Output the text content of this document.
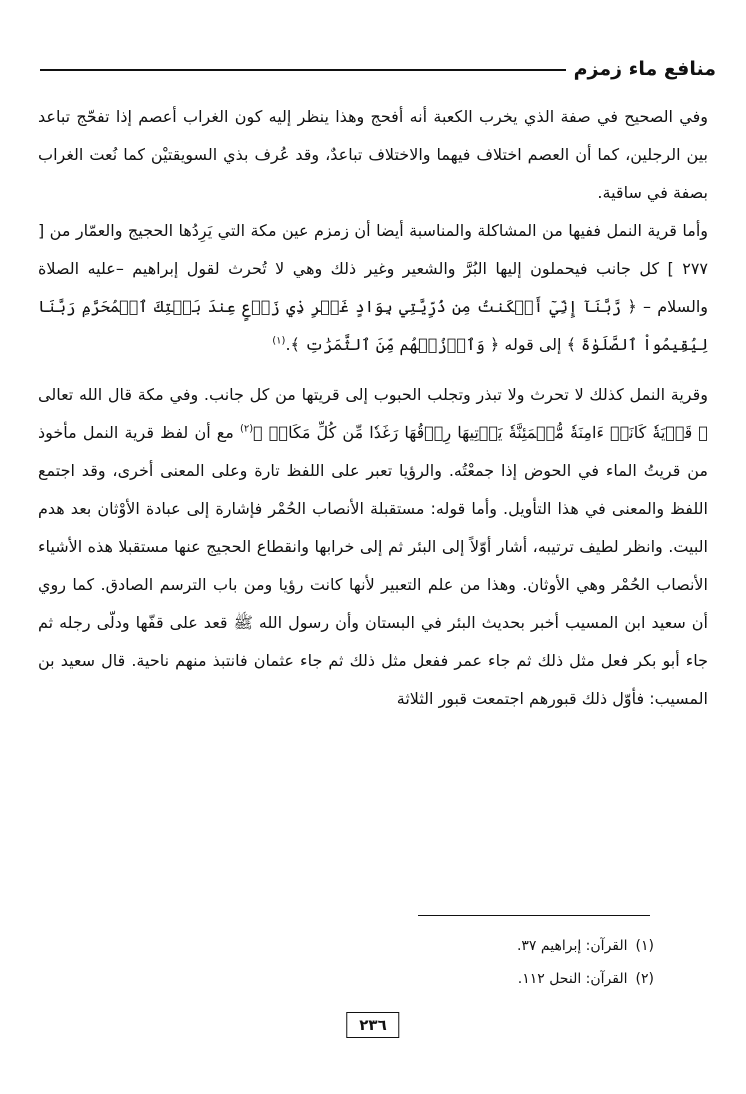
منافع ماء زمزم

وفي الصحيح في صفة الذي يخرب الكعبة أنه أفحج وهذا ينظر إليه كون الغراب أعصم إذا تفحّج تباعد بين الرجلين، كما أن العصم اختلاف فيهما والاختلاف تباعدٌ، وقد عُرف بذي السويقتيْن كما نُعت الغراب بصفة في ساقية.

وأما قرية النمل ففيها من المشاكلة والمناسبة أيضا أن زمزم عين مكة التي يَرِدُها الحجيج والعمّار من [ ٢٧٧ ] كل جانب فيحملون إليها البُرَّ والشعير وغير ذلك وهي لا تُحرث لقول إبراهيم –عليه الصلاة والسلام – ﴿ رَّبَّنَآ إِنِّيٓ أَسۡكَنتُ مِن ذُرِّيَّتِي بِوَادٍ غَيۡرِ ذِي زَرۡعٍ عِندَ بَيۡتِكَ ٱلۡمُحَرَّمِ رَبَّنَا لِيُقِيمُواْ ٱلصَّلَوٰةَ ﴾ إلى قوله ﴿ وَٱرۡزُقۡهُم مِّنَ ٱلثَّمَرَٰتِ ﴾.$^{(١)}$

وقرية النمل كذلك لا تحرث ولا تبذر وتجلب الحبوب إلى قريتها من كل جانب. وفي مكة قال الله تعالى ﴿ قَرۡيَةٗ كَانَتۡ ءَامِنَةٗ مُّطۡمَئِنَّةٗ يَأۡتِيهَا رِزۡقُهَا رَغَدٗا مِّن كُلِّ مَكَانٖ ﴾$^{(٢)}$ مع أن لفظ قرية النمل مأخوذ من قريتُ الماء في الحوض إذا جمعْتُه. والرؤيا تعبر على اللفظ تارة وعلى المعنى أخرى، وقد اجتمع اللفظ والمعنى في هذا التأويل. وأما قوله: مستقبلة الأنصاب الحُمْر فإشارة إلى عبادة الأوْثان بعد هدم البيت. وانظر لطيف ترتيبه، أشار أوّلاً إلى البئر ثم إلى خرابها وانقطاع الحجيج عنها مستقبلا هذه الأشياء الأنصاب الحُمْر وهي الأوثان. وهذا من علم التعبير لأنها كانت رؤيا ومن باب الترسم الصادق. كما روي أن سعيد ابن المسيب أخبر بحديث البئر في البستان وأن رسول الله ﷺ قعد على قفّها ودلّى رجله ثم جاء أبو بكر فعل مثل ذلك ثم جاء عمر ففعل مثل ذلك ثم جاء عثمان فانتبذ منهم ناحية. قال سعيد بن المسيب: فأوّل ذلك قبورهم اجتمعت قبور الثلاثة

(١)القرآن: إبراهيم ٣٧.
(٢)القرآن: النحل ١١٢.
٢٣٦
